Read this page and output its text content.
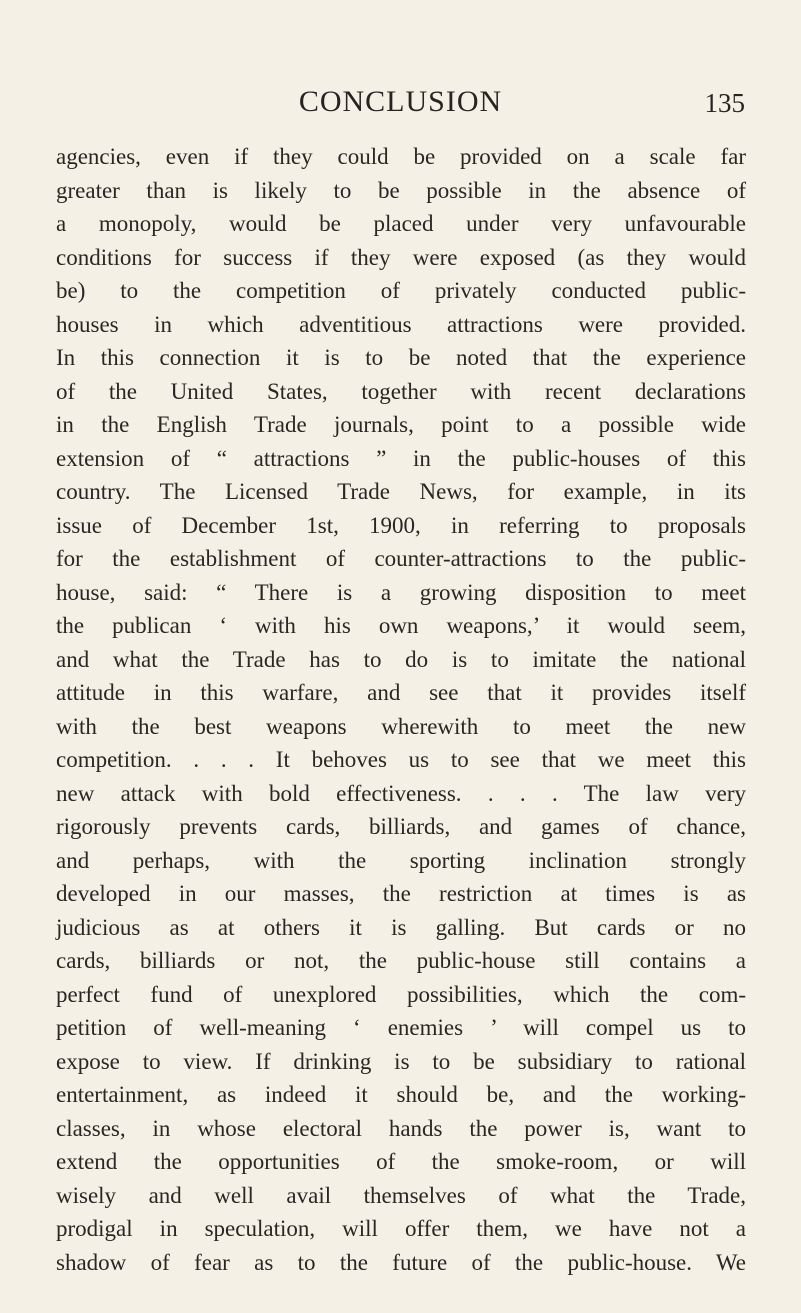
CONCLUSION	135
agencies, even if they could be provided on a scale far
greater than is likely to be possible in the absence of
a monopoly, would be placed under very unfavourable
conditions for success if they were exposed (as they would
be) to the competition of privately conducted public-
houses in which adventitious attractions were provided.
In this connection it is to be noted that the experience
of the United States, together with recent declarations
in the English Trade journals, point to a possible wide
extension of “ attractions ” in the public-houses of this
country. The Licensed Trade News, for example, in its
issue of December 1st, 1900, in referring to proposals
for the establishment of counter-attractions to the public-
house, said: “ There is a growing disposition to meet
the publican ‘ with his own weapons,’ it would seem,
and what the Trade has to do is to imitate the national
attitude in this warfare, and see that it provides itself
with the best weapons wherewith to meet the new
competition. . . . It behoves us to see that we meet this
new attack with bold effectiveness. . . . The law very
rigorously prevents cards, billiards, and games of chance,
and perhaps, with the sporting inclination strongly
developed in our masses, the restriction at times is as
judicious as at others it is galling. But cards or no
cards, billiards or not, the public-house still contains a
perfect fund of unexplored possibilities, which the com-
petition of well-meaning ‘ enemies ’ will compel us to
expose to view. If drinking is to be subsidiary to rational
entertainment, as indeed it should be, and the working-
classes, in whose electoral hands the power is, want to
extend the opportunities of the smoke-room, or will
wisely and well avail themselves of what the Trade,
prodigal in speculation, will offer them, we have not a
shadow of fear as to the future of the public-house. We
